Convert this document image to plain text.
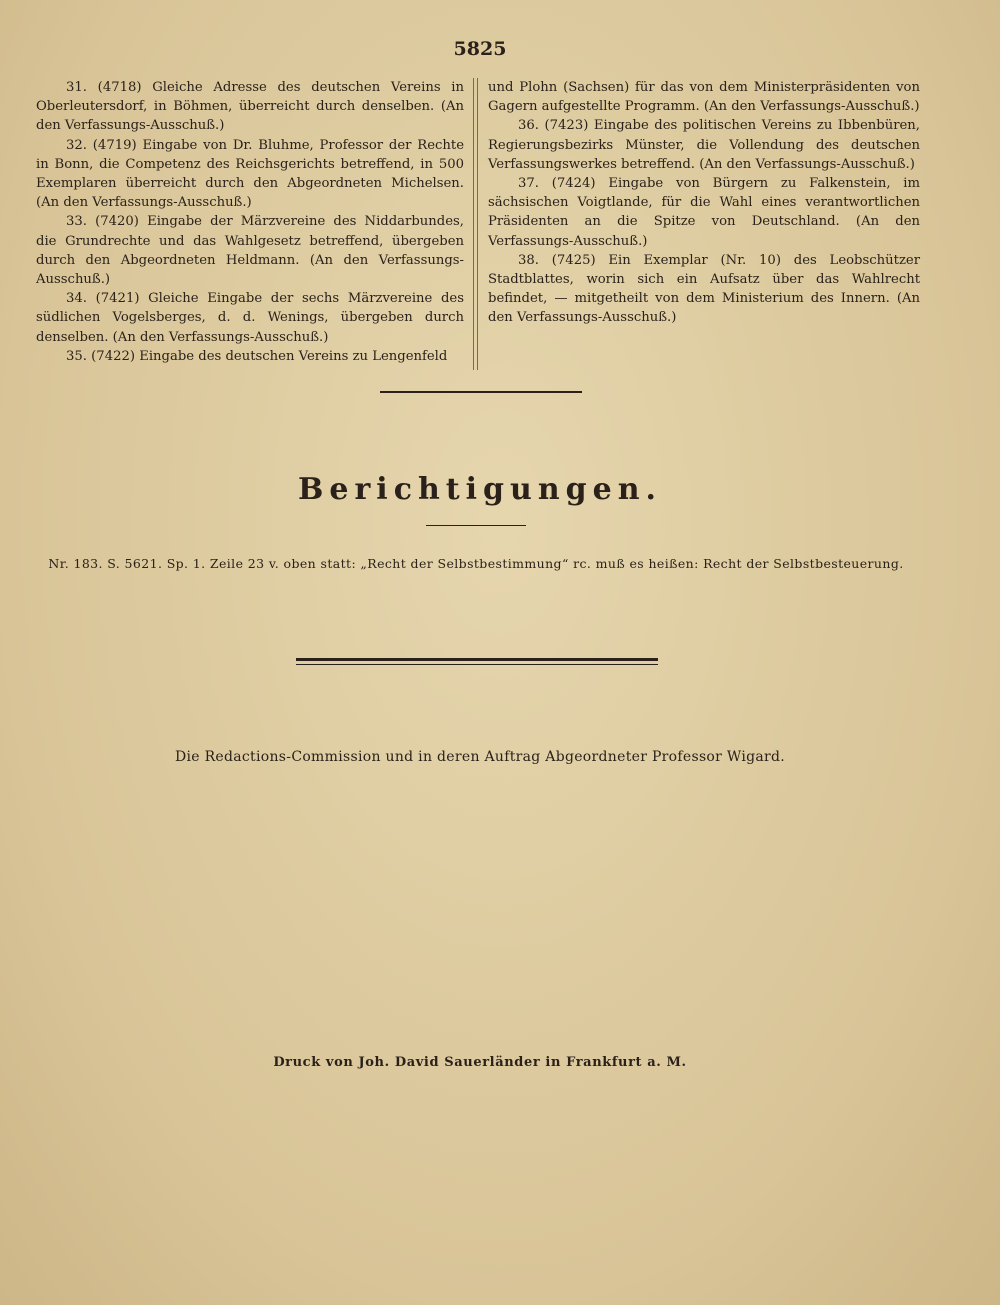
5825

31. (4718) Gleiche Adresse des deutschen Vereins in Oberleutersdorf, in Böhmen, überreicht durch denselben. (An den Verfassungs-Ausschuß.)

32. (4719) Eingabe von Dr. Bluhme, Professor der Rechte in Bonn, die Competenz des Reichsgerichts betreffend, in 500 Exemplaren überreicht durch den Abgeordneten Michelsen. (An den Verfassungs-Ausschuß.)

33. (7420) Eingabe der Märzvereine des Niddarbundes, die Grundrechte und das Wahlgesetz betreffend, übergeben durch den Abgeordneten Heldmann. (An den Verfassungs-Ausschuß.)

34. (7421) Gleiche Eingabe der sechs Märzvereine des südlichen Vogelsberges, d. d. Wenings, übergeben durch denselben. (An den Verfassungs-Ausschuß.)

35. (7422) Eingabe des deutschen Vereins zu Lengenfeld

und Plohn (Sachsen) für das von dem Ministerpräsidenten von Gagern aufgestellte Programm. (An den Verfassungs-Ausschuß.)

36. (7423) Eingabe des politischen Vereins zu Ibbenbüren, Regierungsbezirks Münster, die Vollendung des deutschen Verfassungswerkes betreffend. (An den Verfassungs-Ausschuß.)

37. (7424) Eingabe von Bürgern zu Falkenstein, im sächsischen Voigtlande, für die Wahl eines verantwortlichen Präsidenten an die Spitze von Deutschland. (An den Verfassungs-Ausschuß.)

38. (7425) Ein Exemplar (Nr. 10) des Leobschützer Stadtblattes, worin sich ein Aufsatz über das Wahlrecht befindet, — mitgetheilt von dem Ministerium des Innern. (An den Verfassungs-Ausschuß.)

Berichtigungen.
Nr. 183. S. 5621. Sp. 1. Zeile 23 v. oben statt: „Recht der Selbstbestimmung“ rc. muß es heißen: Recht der Selbstbesteuerung.
Die Redactions-Commission und in deren Auftrag Abgeordneter Professor Wigard.
Druck von Joh. David Sauerländer in Frankfurt a. M.
